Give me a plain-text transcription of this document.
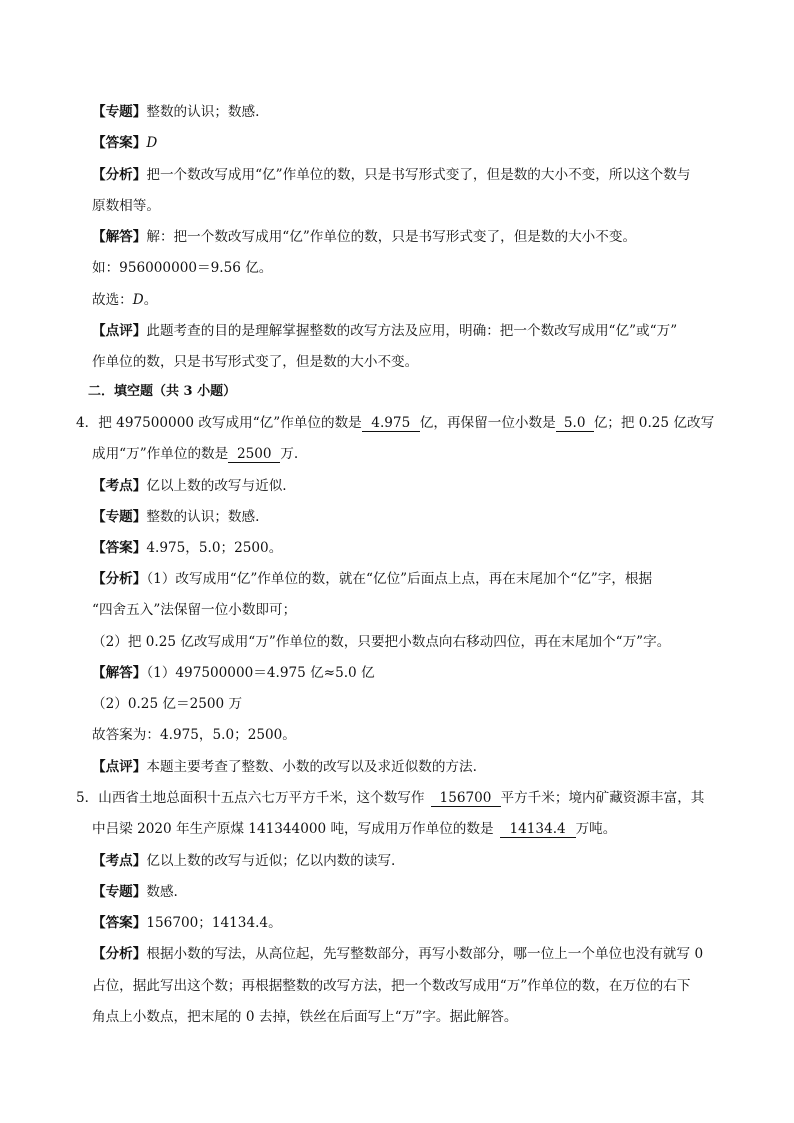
【专题】整数的认识；数感.
【答案】D
【分析】把一个数改写成用“亿”作单位的数，只是书写形式变了，但是数的大小不变，所以这个数与
原数相等。
【解答】解：把一个数改写成用“亿”作单位的数，只是书写形式变了，但是数的大小不变。
如：956000000＝9.56 亿。
故选：D。
【点评】此题考查的目的是理解掌握整数的改写方法及应用，明确：把一个数改写成用“亿”或“万”
作单位的数，只是书写形式变了，但是数的大小不变。
二．填空题（共 3 小题）
4．把 497500000 改写成用“亿”作单位的数是 4.975 亿，再保留一位小数是 5.0 亿；把 0.25 亿改写
成用“万”作单位的数是 2500 万.
【考点】亿以上数的改写与近似.
【专题】整数的认识；数感.
【答案】4.975，5.0；2500。
【分析】（1）改写成用“亿”作单位的数，就在“亿位”后面点上点，再在末尾加个“亿”字，根据
“四舍五入”法保留一位小数即可；
（2）把 0.25 亿改写成用“万”作单位的数，只要把小数点向右移动四位，再在末尾加个“万”字。
【解答】（1）497500000＝4.975 亿≈5.0 亿
（2）0.25 亿＝2500 万
故答案为：4.975，5.0；2500。
【点评】本题主要考查了整数、小数的改写以及求近似数的方法.
5．山西省土地总面积十五点六七万平方千米，这个数写作 156700 平方千米；境内矿藏资源丰富，其
中吕梁 2020 年生产原煤 141344000 吨，写成用万作单位的数是 14134.4 万吨。
【考点】亿以上数的改写与近似；亿以内数的读写.
【专题】数感.
【答案】156700；14134.4。
【分析】根据小数的写法，从高位起，先写整数部分，再写小数部分，哪一位上一个单位也没有就写 0
占位，据此写出这个数；再根据整数的改写方法，把一个数改写成用“万”作单位的数，在万位的右下
角点上小数点，把末尾的 0 去掉，铁丝在后面写上“万”字。据此解答。
